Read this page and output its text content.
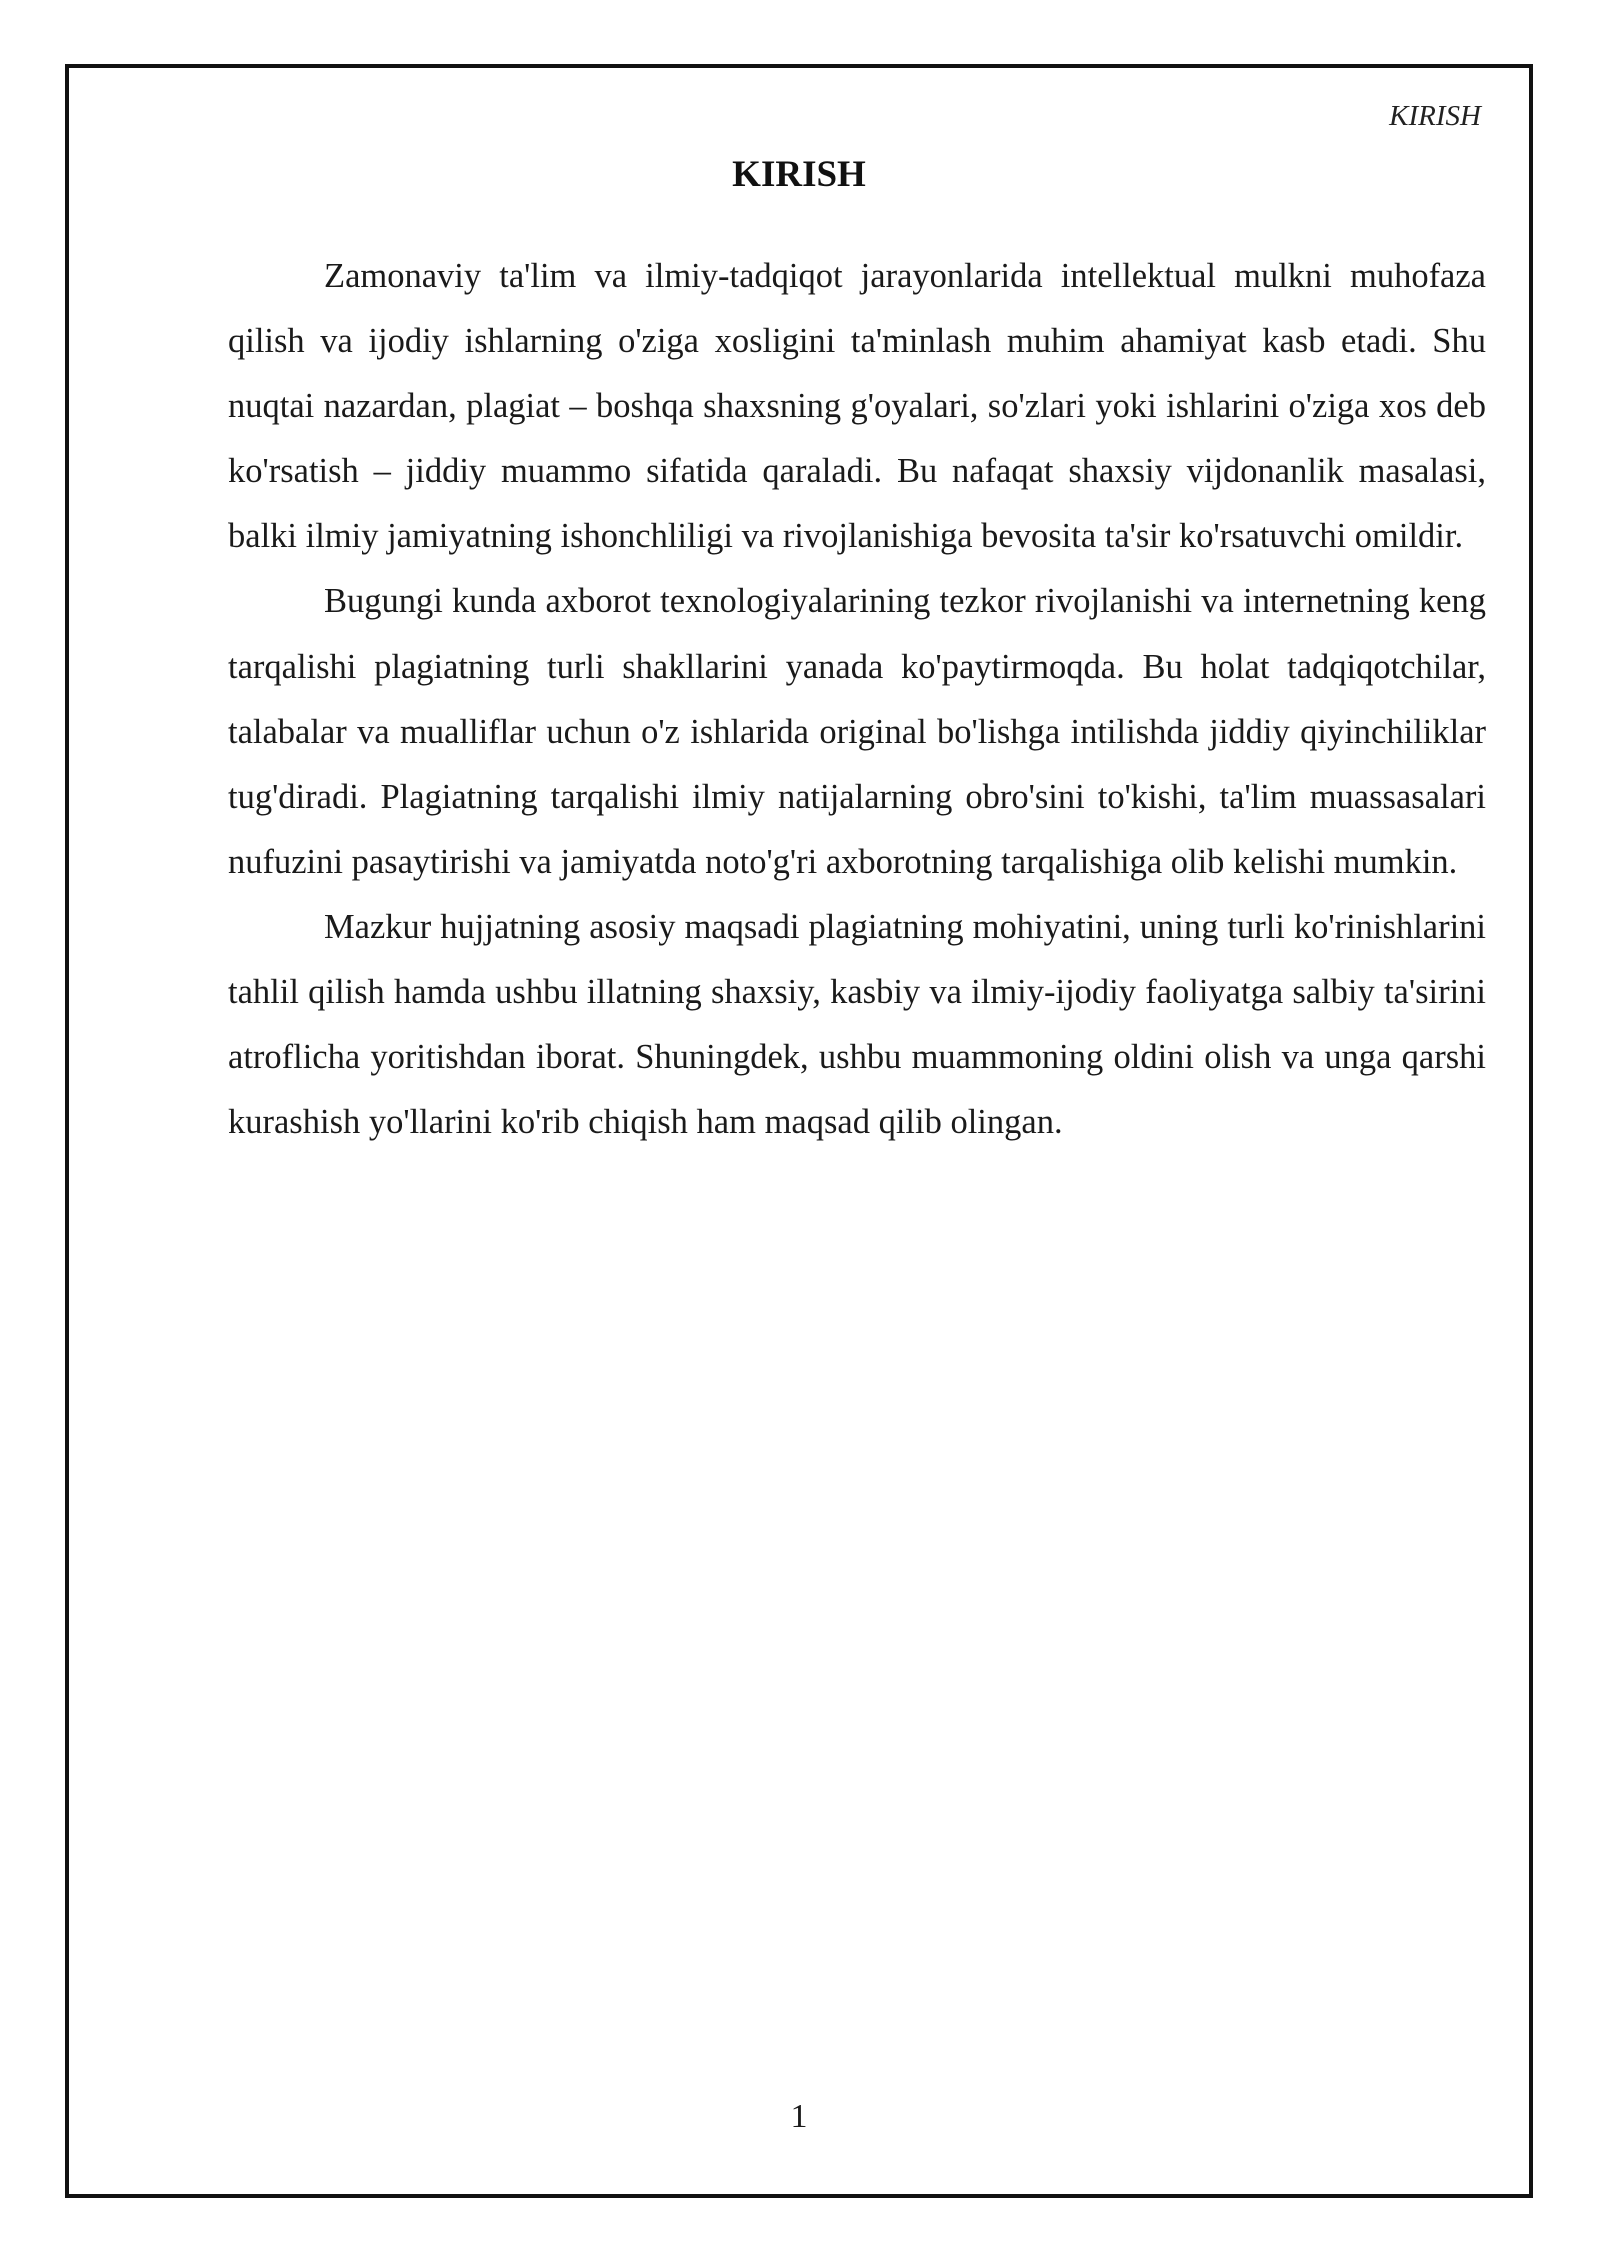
KIRISH
KIRISH

Zamonaviy ta'lim va ilmiy-tadqiqot jarayonlarida intellektual mulkni muhofaza qilish va ijodiy ishlarning o'ziga xosligini ta'minlash muhim ahamiyat kasb etadi. Shu nuqtai nazardan, plagiat – boshqa shaxsning g'oyalari, so'zlari yoki ishlarini o'ziga xos deb ko'rsatish – jiddiy muammo sifatida qaraladi. Bu nafaqat shaxsiy vijdonanlik masalasi, balki ilmiy jamiyatning ishonchliligi va rivojlanishiga bevosita ta'sir ko'rsatuvchi omildir.

Bugungi kunda axborot texnologiyalarining tezkor rivojlanishi va internetning keng tarqalishi plagiatning turli shakllarini yanada ko'paytirmoqda. Bu holat tadqiqotchilar, talabalar va mualliflar uchun o'z ishlarida original bo'lishga intilishda jiddiy qiyinchiliklar tug'diradi. Plagiatning tarqalishi ilmiy natijalarning obro'sini to'kishi, ta'lim muassasalari nufuzini pasaytirishi va jamiyatda noto'g'ri axborotning tarqalishiga olib kelishi mumkin.

Mazkur hujjatning asosiy maqsadi plagiatning mohiyatini, uning turli ko'rinishlarini tahlil qilish hamda ushbu illatning shaxsiy, kasbiy va ilmiy-ijodiy faoliyatga salbiy ta'sirini atroflicha yoritishdan iborat. Shuningdek, ushbu muammoning oldini olish va unga qarshi kurashish yo'llarini ko'rib chiqish ham maqsad qilib olingan.

1
